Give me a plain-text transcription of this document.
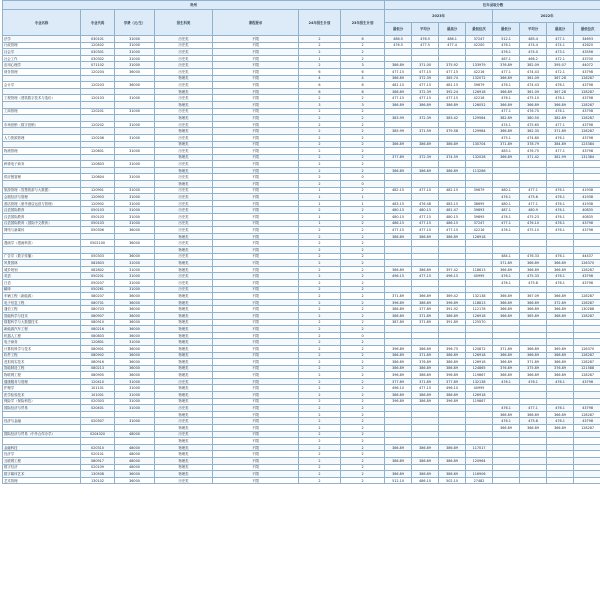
贵州							往年录取分数							
专业名称	专业代码	学费（元/生）	招生科类	课程要求	24年招生计划	23年招生计划	2023年				2022年			
							最低分	平均分	最高分	最低位次	最低分	平均分	最高分	最低位次
法学	030101	31000	历史类	不限	2	6	486.5	476.5	486.1	37247	512.1	485.4	477.1	34693
行政管理	120402	31000	历史类	不限	2	2	476.5	477.5	477.4	42200	476.1	474.4	474.1	42620
社会学	030301	31000	历史类	不限	2	2					476.1	474.0	473.1	43556
社会工作	030302	31000	历史类	不限	1	2					467.1	466.2	472.1	43700
应用心理学	071102	31000	历史类	不限	2	3	386.89	371.00	375.92	133979	376.89	382.09	395.07	44072
财务管理	120204	36000	历史类	不限	6	6	477.15	477.15	477.15	42216	477.1	474.43	472.1	43798
			物理类	不限	4	4	386.89	372.39	385.74	132072	366.89	361.09	367.28	128287
会计学	120203	36000	历史类	不限	6	6	481.15	477.15	481.15	39679	476.1	474.43	476.1	43798
			物理类	不限	6	6	386.89	372.39	392.24	126918	366.89	361.09	367.28	128287
工程管理（建筑数字技术与造价）	120103	31000	历史类	不限	2	2	477.15	477.15	477.15	42216	476.1	475.10	476.1	43798
			物理类	不限	3	3	386.89	386.89	386.89	126052	366.89	366.89	366.89	128287
工商管理	120201	31000	历史类	不限	2	2					477.1	476.70	476.1	43798
			物理类	不限	2	2	383.99	372.39	383.42	129564	382.89	380.50	382.89	128287
市场营销（数字营销）	120202	31000	历史类	不限	2	2					474.1	475.65	477.1	43798
			物理类	不限	2	2	385.99	371.59	379.58	129984	366.89	362.35	371.89	128287
人力资源管理	120206	31000	历史类	不限	2	2					475.1	474.80	476.1	43798
			物理类	不限	2	2	386.89	386.89	386.89	130704	371.89	378.79	384.89	123384
物流管理	120601	31000	历史类	不限	2	2					483.1	476.75	477.1	43798
			物理类	不限	2	2	377.89	372.39	374.59	132028	366.89	371.42	381.99	131384
跨境电子商务	120803	31000	历史类	不限	2	2								
			物理类	不限	2	2	386.89	386.89	386.89	113286				
供应链管理	120604	31000	历史类	不限	2	0								
			物理类	不限	2	0								
旅游管理（智慧旅游与大数据）	120901	31000	历史类	不限	1	2	482.15	477.15	482.15	39679	480.1	477.1	476.1	41938
会展经济与管理	120903	31000	历史类	不限	1	1					476.1	475.6	476.1	41938
酒店管理（豪华酒店运营与管理）	120902	31000	历史类	不限	1	1	483.15	476.48	483.15	38695	480.1	477.1	476.1	41938
汉语国际教育	050103	31000	历史类	不限	2	2	480.15	480.15	481.47	39893	487.1	480.9	476.1	40835
汉语国际教育	050103	31000	历史类	不限	1	2	480.15	477.15	480.15	39895	476.1	475.23	476.1	40835
汉语国际教育（国际中文教育）	050103	31000	历史类	不限	1	2	486.15	477.15	486.15	37247	477.1	476.10	476.1	43798
网络与新媒体	050306	36000	历史类	不限	2	2	477.15	477.15	477.15	42216	476.1	475.10	476.1	43798
			物理类	不限	2	2	386.89	386.89	386.89	126918				
漫画学（漫画科普）	0502100	36000	历史类	不限	2	2								
			物理类	不限	2	2								
广告学（数字传播）	050303	36000	历史类	不限	2	2					484.1	476.33	476.1	44437
风景园林	082803	31000	物理类	不限	2	2					371.89	366.89	366.89	126370
城乡规划	082802	31000	物理类	不限	2	2	386.89	386.89	397.42	118613	366.89	366.89	366.89	128287
英语	050201	31000	历史类	不限	2	2	496.15	477.15	496.15	40995	476.1	475.33	476.1	43798
日语	050207	31000	历史类	不限	2	2					476.1	475.8	476.1	43798
翻译	050261	31000	历史类	不限	2	2								
车辆工程（新能源）	080207	36000	物理类	不限	2	2	371.89	366.89	369.42	132138	366.89	367.09	366.89	128287
电子信息工程	080701	36000	物理类	不限	2	2	396.89	386.89	396.89	118813	366.89	366.89	372.89	128287
通信工程	080703	36000	物理类	不限	2	2	386.89	377.89	391.92	112178	366.89	366.89	366.89	130288
智能科学与技术	080907	36000	物理类	不限	2	2	386.89	371.89	386.89	126918	366.89	365.89	368.89	128287
数据科学与大数据技术	080910	36000	物理类	不限	2	2	387.89	371.89	391.89	125570				
新能源汽车工程	080216	36000	物理类	不限	2	2								
机器人工程	080803	36000	物理类	不限	2	0								
电子商务	120801	31000	物理类	不限	2	2								
计算机科学与技术	080901	36000	物理类	不限	2	2	396.89	386.89	396.75	120872	371.89	366.89	369.89	126370
软件工程	080902	36000	物理类	不限	2	2	386.89	371.89	386.89	126918	366.89	366.89	368.89	128287
虚拟现实技术	080916	36000	物理类	不限	2	2	386.89	376.89	386.89	126918	366.89	371.89	366.89	128287
智能制造工程	080213	36000	物理类	不限	2	2	386.89	386.89	386.89	124865	376.89	375.89	376.89	121588
物联网工程	080905	36000	物理类	不限	2	2	396.89	386.89	396.89	119867	366.89	366.89	366.89	128287
健康服务与管理	120410	31000	历史类	不限	2	2	377.89	371.89	377.89	132138	476.1	476.1	476.1	43798
护理学	101101	31000	物理类	不限	2	2	496.10	477.15	496.10	40995				
医学检验技术	101001	31000	物理类	不限	2	2	386.89	386.89	386.89	126918				
保险学（保险科技）	020303	31000	物理类	不限	2	2	396.89	386.89	396.89	119867				
国际经济与贸易	020401	31000	历史类	不限	2	2					476.1	477.1	476.1	43798
			物理类	不限	2	2					366.89	366.89	366.89	128287
经济与金融	020307	31000	历史类	不限	2	2					476.1	475.8	476.1	43798
			物理类	不限	2	2					366.89	366.89	366.89	128287
国际经济与贸易（中外合作办学）	0204020	48000	历史类	不限	2	2								
			物理类	不限	2	2								
金融科技	020310	48000	物理类	不限	2	2	386.89	386.89	386.89	117017				
经济学	020101	48000	物理类	不限	2	2								
互联网工程	080917	48000	物理类	不限	2	2	386.89	386.89	386.89	120964				
数字经济	020109	48000	物理类	不限	2	2								
数字媒体艺术	130508	36000	物理类	不限	2	2	386.89	386.89	386.89	116906				
艺术管理	130102	36000	历史类	不限	2	2	512.10	486.10	502.10	27482				
